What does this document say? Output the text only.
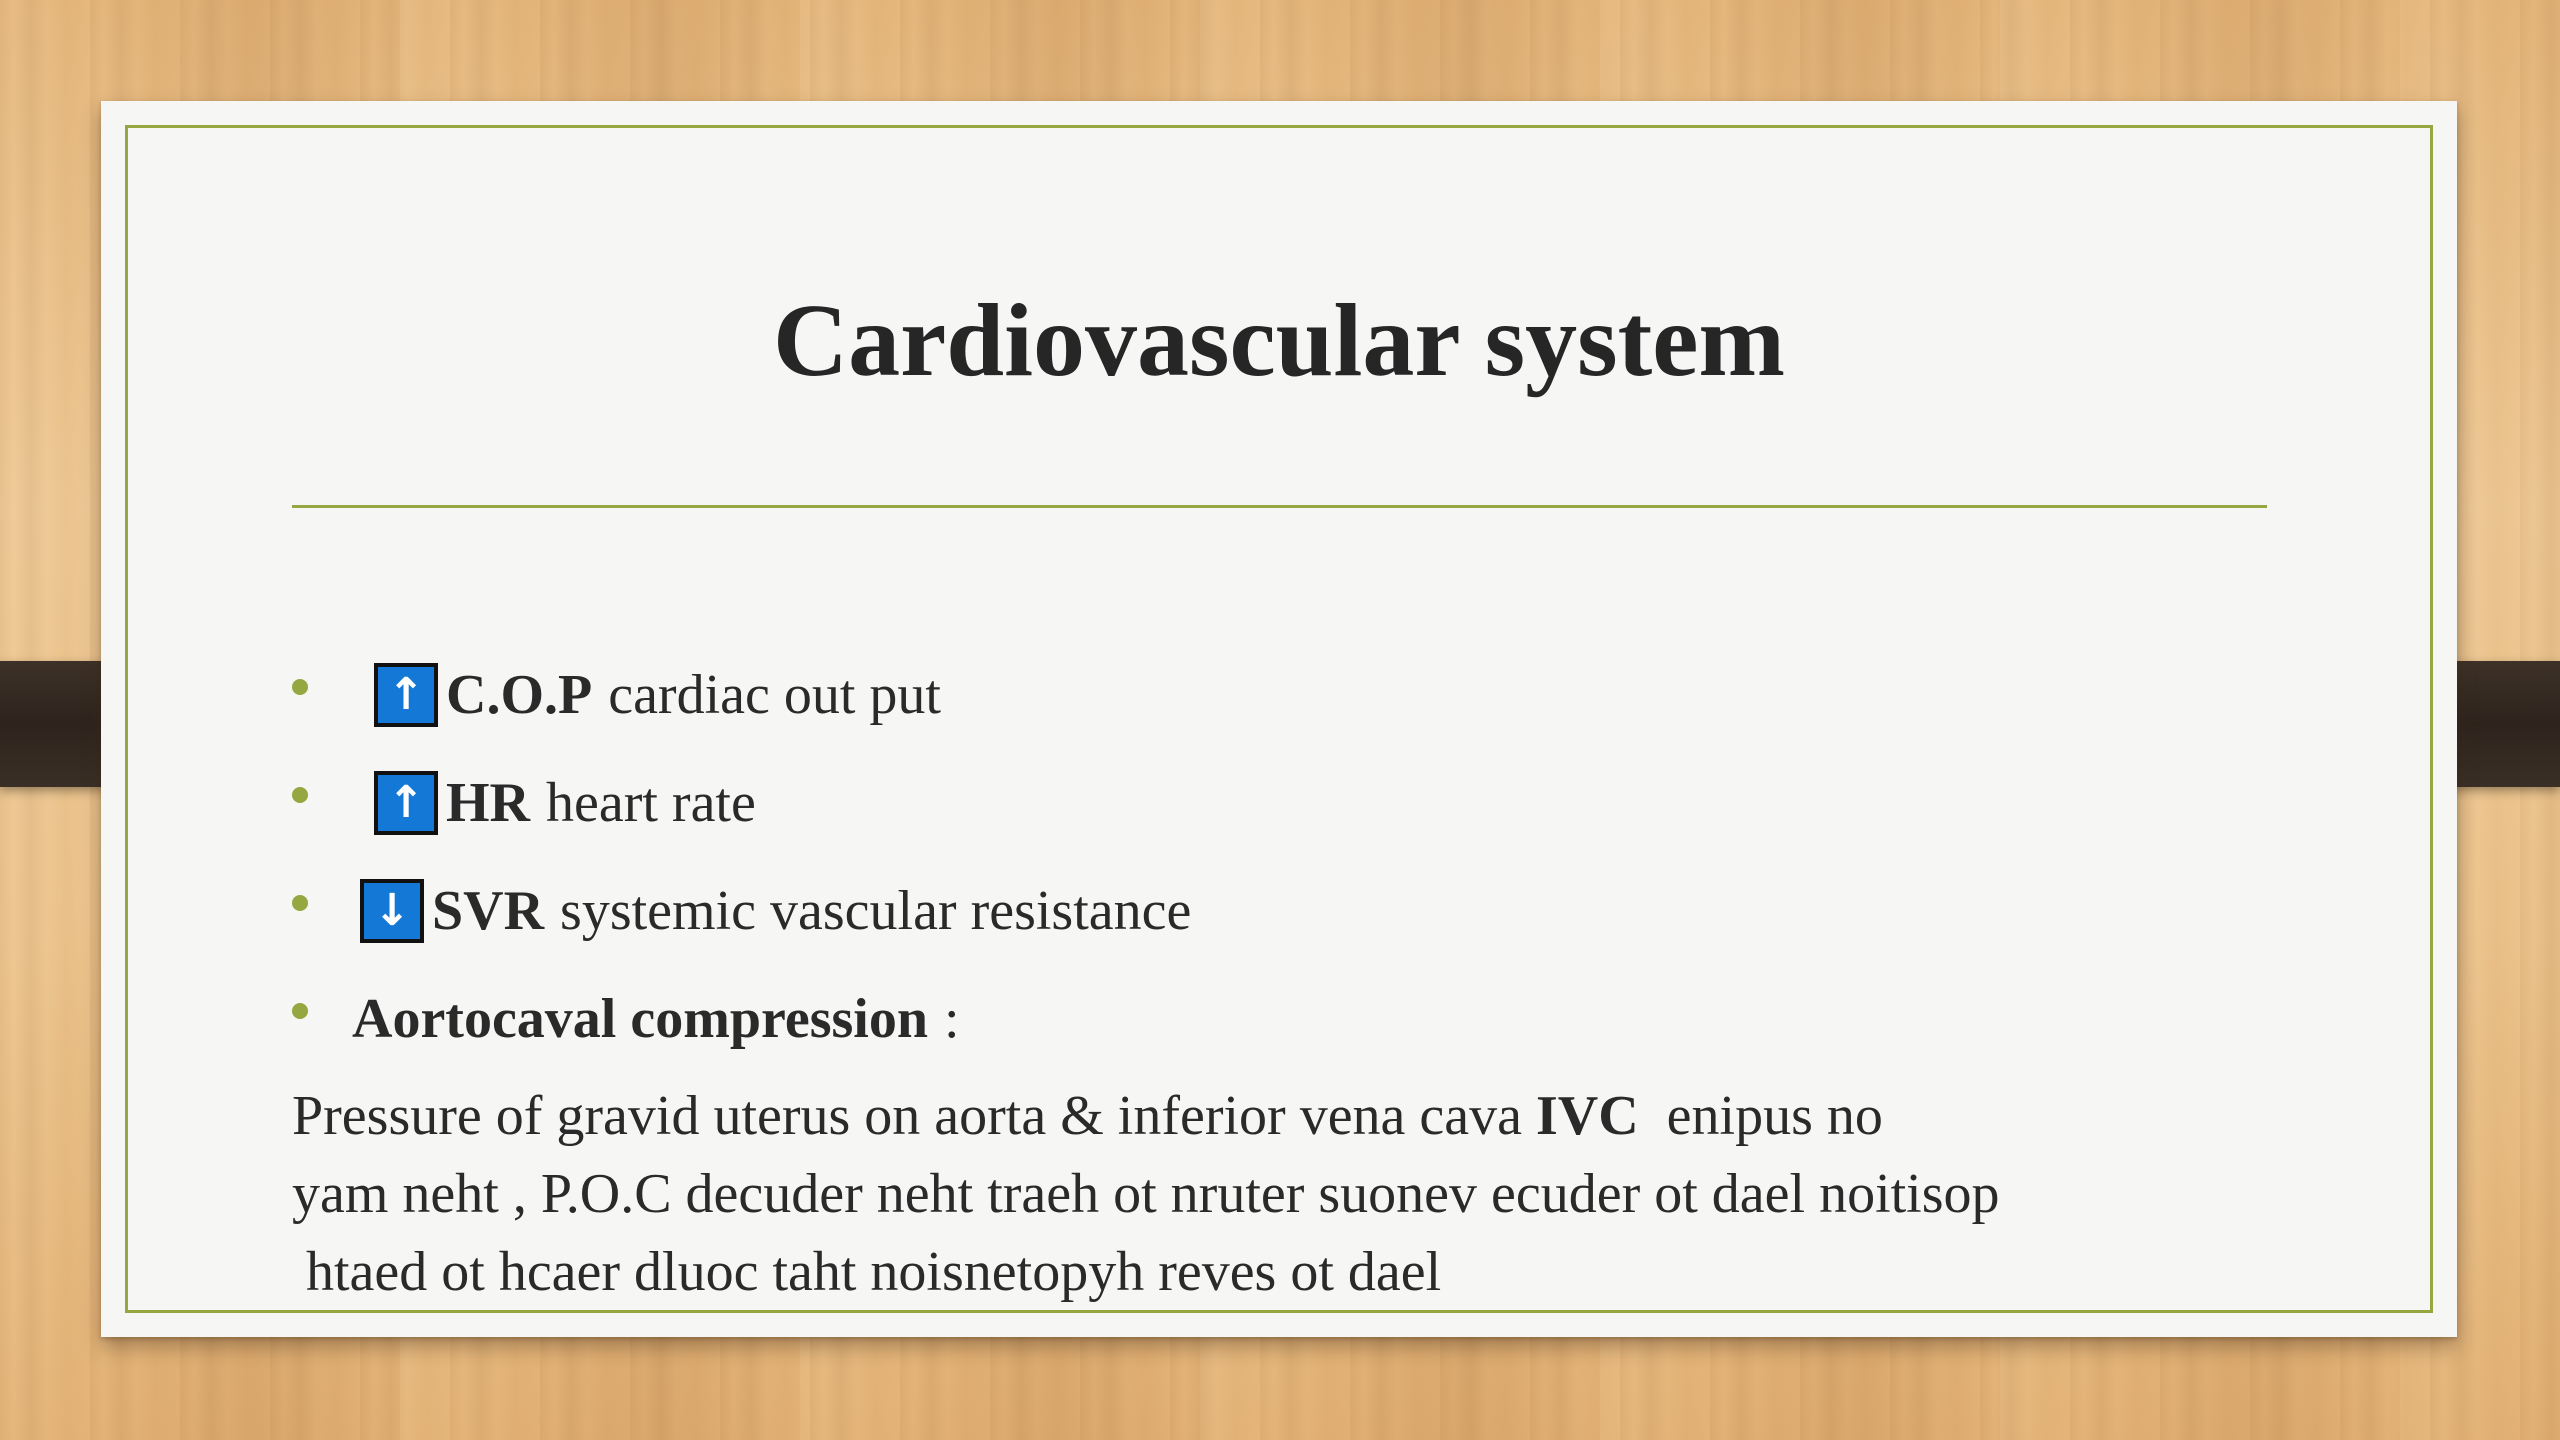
Cardiovascular system
↑ C.O.P cardiac out put
↑ HR heart rate
↓ SVR systemic vascular resistance
Aortocaval compression :

Pressure of gravid uterus on aorta & inferior vena cava IVC  enipus no
yam neht , P.O.C decuder neht traeh ot nruter suonev ecuder ot dael noitisop
htaed ot hcaer dluoc taht noisnetopyh reves ot dael
